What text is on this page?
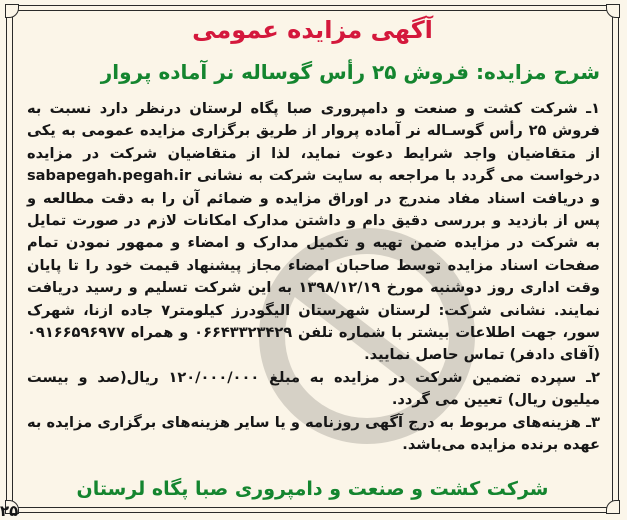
آگهی مزایده عمومی
شرح مزایده: فروش ۲۵ رأس گوساله نر آماده پروار

۱ـ شرکت کشت و صنعت و دامپروری صبا پگاه لرستان درنظر دارد نسبت به فروش ۲۵ رأس گوسـاله نر آماده پروار از طریق برگزاری مزایده عمومی به یکی از متقاضیان واجد شرایط دعوت نماید، لذا از متقاضیان شرکت در مزایده درخواست می گردد با مراجعه به سایت شرکت به نشانی sabapegah.pegah.ir و دریافت اسناد مفاد مندرج در اوراق مزایده و ضمائم آن را به دقت مطالعه و پس از بازدید و بررسی دقیق دام و داشتن مدارک امکانات لازم در صورت تمایل به شرکت در مزایده ضمن تهیه و تکمیل مدارک و امضاء و ممهور نمودن تمام صفحات اسناد مزایده توسط صاحبان امضاء مجاز پیشنهاد قیمت خود را تا پایان وقت اداری روز دوشنبه مورخ ۱۳۹۸/۱۲/۱۹ به این شرکت تسلیم و رسید دریافت نمایند. نشانی شرکت: لرستان شهرستان الیگودرز کیلومتر۷ جاده ازنا، شهرک سور، جهت اطلاعات بیشتر با شماره تلفن ۰۶۶۴۳۳۲۳۴۲۹ و همراه ۰۹۱۶۶۵۹۶۹۷۷ (آقای دادفر) تماس حاصل نمایید.

۲ـ سپرده تضمین شرکت در مزایده به مبلغ ۱۲۰/۰۰۰/۰۰۰ ریال(صد و بیست میلیون ریال) تعیین می گردد.

۳ـ هزینه‌های مربوط به درج آگهی روزنامه و یا سایر هزینه‌های برگزاری مزایده به عهده برنده مزایده می‌باشد.

شرکت کشت و صنعت و دامپروری صبا پگاه لرستان
۲۵
